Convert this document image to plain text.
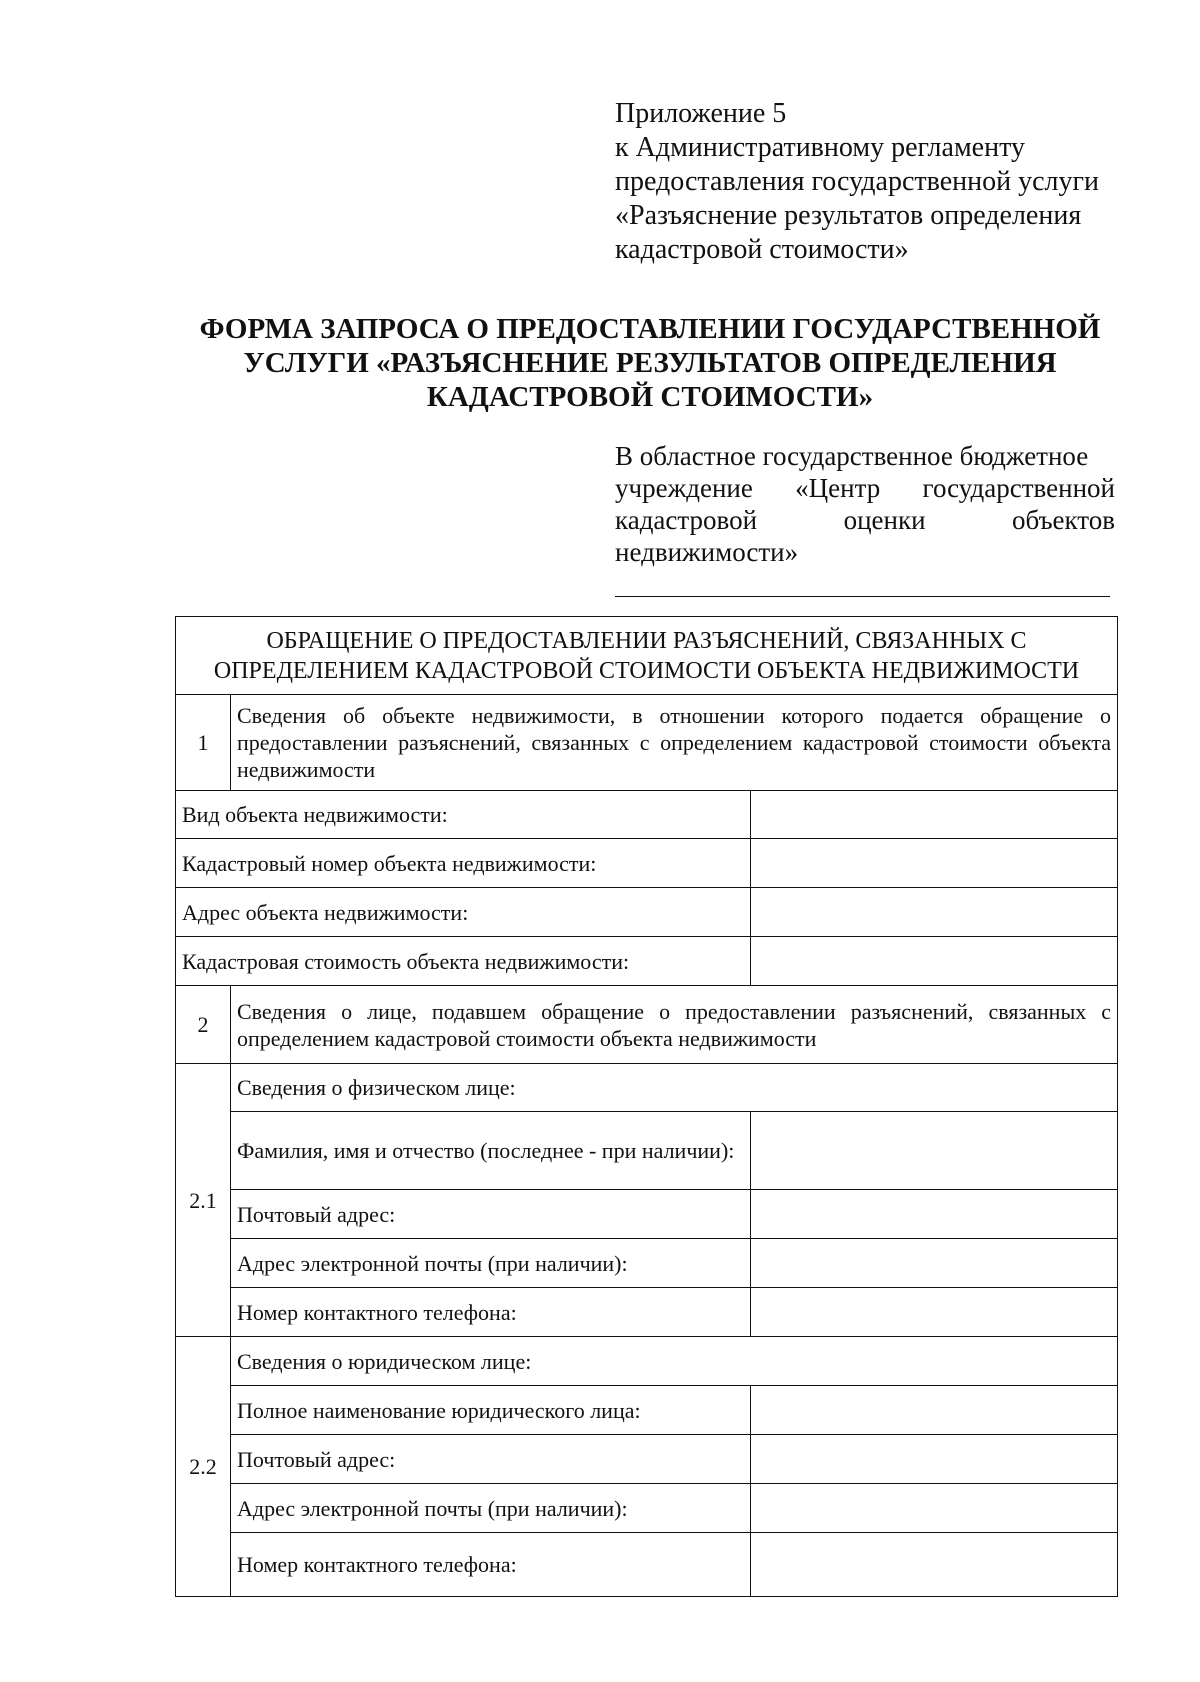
Приложение 5
к Административному регламенту
предоставления государственной услуги
«Разъяснение результатов определения
кадастровой стоимости»
ФОРМА ЗАПРОСА О ПРЕДОСТАВЛЕНИИ ГОСУДАРСТВЕННОЙ
УСЛУГИ «РАЗЪЯСНЕНИЕ РЕЗУЛЬТАТОВ ОПРЕДЕЛЕНИЯ
КАДАСТРОВОЙ СТОИМОСТИ»
В областное государственное бюджетное
учреждение «Центр государственной
кадастровой	оценки	объектов
недвижимости»
ОБРАЩЕНИЕ О ПРЕДОСТАВЛЕНИИ РАЗЪЯСНЕНИЙ, СВЯЗАННЫХ С ОПРЕДЕЛЕНИЕМ КАДАСТРОВОЙ СТОИМОСТИ ОБЪЕКТА НЕДВИЖИМОСТИ		
1	Сведения об объекте недвижимости, в отношении которого подается обращение о предоставлении разъяснений, связанных с определением кадастровой стоимости объекта недвижимости	
Вид объекта недвижимости:		
Кадастровый номер объекта недвижимости:		
Адрес объекта недвижимости:		
Кадастровая стоимость объекта недвижимости:		
2	Сведения о лице, подавшем обращение о предоставлении разъяснений, связанных с определением кадастровой стоимости объекта недвижимости	
2.1	Сведения о физическом лице:	
	Фамилия, имя и отчество (последнее - при наличии):	
	Почтовый адрес:	
	Адрес электронной почты (при наличии):	
	Номер контактного телефона:	
2.2	Сведения о юридическом лице:	
	Полное наименование юридического лица:	
	Почтовый адрес:	
	Адрес электронной почты (при наличии):	
	Номер контактного телефона:	
